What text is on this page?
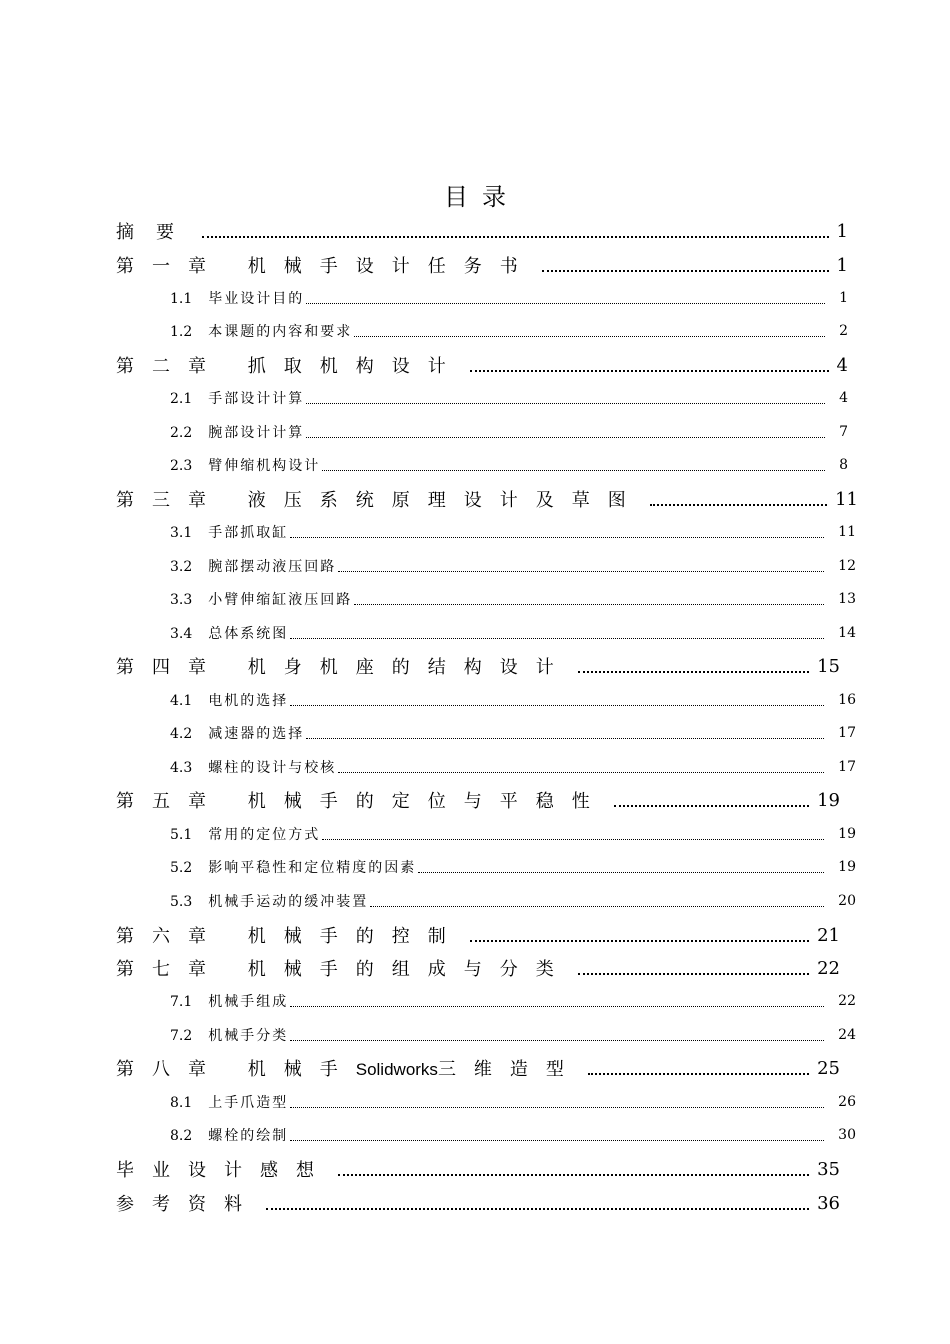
目录
摘要	1
第一章 机械手设计任务书	1
1.1 毕业设计目的	1
1.2 本课题的内容和要求	2
第二章 抓取机构设计	4
2.1 手部设计计算	4
2.2 腕部设计计算	7
2.3 臂伸缩机构设计	8
第三章 液压系统原理设计及草图	11
3.1 手部抓取缸	11
3.2 腕部摆动液压回路	12
3.3 小臂伸缩缸液压回路	13
3.4 总体系统图	14
第四章 机身机座的结构设计	15
4.1 电机的选择	16
4.2 减速器的选择	17
4.3 螺柱的设计与校核	17
第五章 机械手的定位与平稳性	19
5.1 常用的定位方式	19
5.2 影响平稳性和定位精度的因素	19
5.3 机械手运动的缓冲装置	20
第六章 机械手的控制	21
第七章 机械手的组成与分类	22
7.1 机械手组成	22
7.2 机械手分类	24
第八章 机械手Solidworks三维造型	25
8.1 上手爪造型	26
8.2 螺栓的绘制	30
毕业设计感想	35
参考资料	36
